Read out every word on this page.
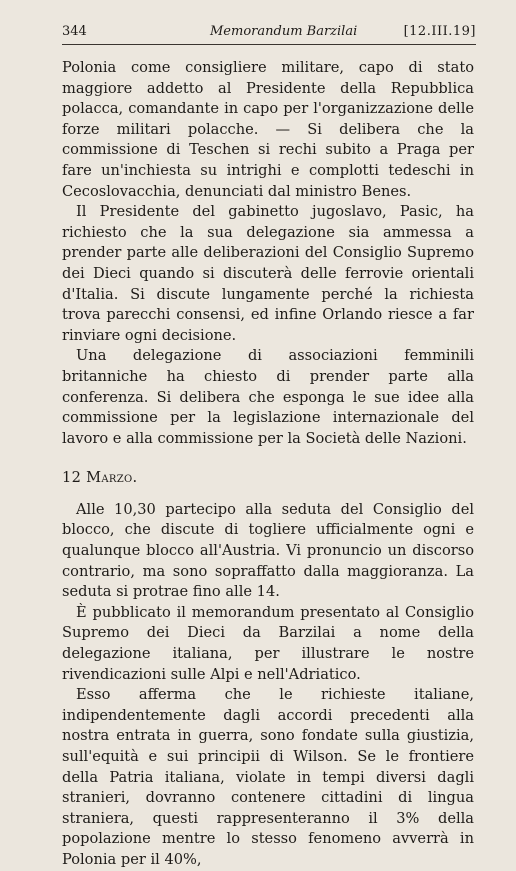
344	Memorandum Barzilai	[12.III.19]

Polonia come consigliere militare, capo di stato maggiore addetto al Presidente della Repubblica polacca, comandante in capo per l'organizzazione delle forze militari polacche. — Si delibera che la commissione di Teschen si rechi subito a Praga per fare un'inchiesta su intrighi e complotti tedeschi in Cecoslovacchia, denunciati dal ministro Benes.

Il Presidente del gabinetto jugoslavo, Pasic, ha richiesto che la sua delegazione sia ammessa a prender parte alle deliberazioni del Consiglio Supremo dei Dieci quando si discuterà delle ferrovie orientali d'Italia. Si discute lungamente perché la richiesta trova parecchi consensi, ed infine Orlando riesce a far rinviare ogni decisione.

Una delegazione di associazioni femminili britanniche ha chiesto di prender parte alla conferenza. Si delibera che esponga le sue idee alla commissione per la legislazione internazionale del lavoro e alla commissione per la Società delle Nazioni.

12 Marzo.

Alle 10,30 partecipo alla seduta del Consiglio del blocco, che discute di togliere ufficialmente ogni e qualunque blocco all'Austria. Vi pronuncio un discorso contrario, ma sono sopraffatto dalla maggioranza. La seduta si protrae fino alle 14.

È pubblicato il memorandum presentato al Consiglio Supremo dei Dieci da Barzilai a nome della delegazione italiana, per illustrare le nostre rivendicazioni sulle Alpi e nell'Adriatico.

Esso afferma che le richieste italiane, indipendentemente dagli accordi precedenti alla nostra entrata in guerra, sono fondate sulla giustizia, sull'equità e sui principii di Wilson. Se le frontiere della Patria italiana, violate in tempi diversi dagli stranieri, dovranno contenere cittadini di lingua straniera, questi rappresenteranno il 3% della popolazione mentre lo stesso fenomeno avverrà in Polonia per il 40%,
